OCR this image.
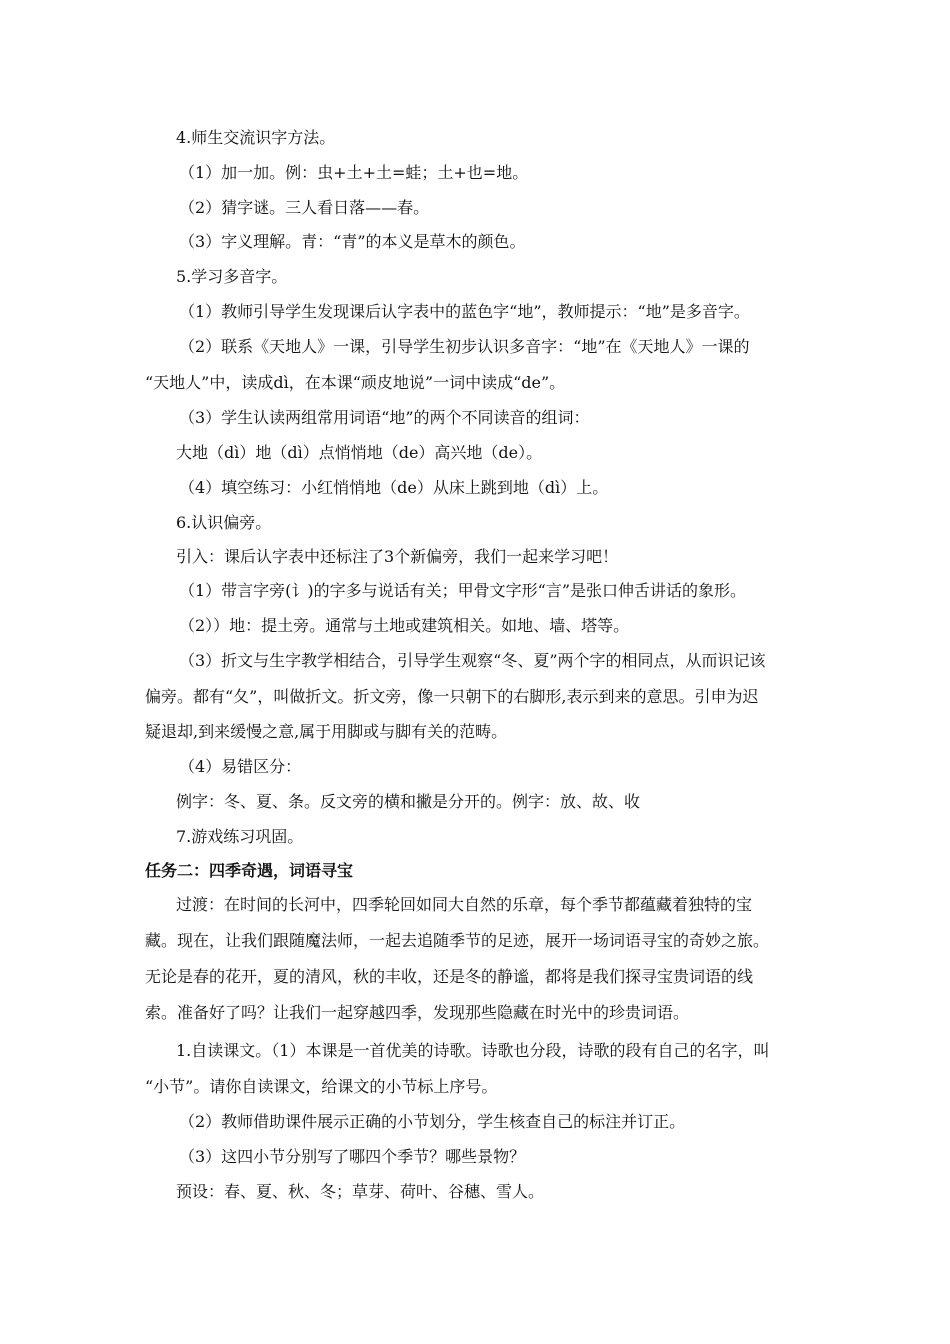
4.师生交流识字方法。
（1）加一加。例：虫+土+土=蛙；土+也=地。
（2）猜字谜。三人看日落——春。
（3）字义理解。青：“青”的本义是草木的颜色。
5.学习多音字。
（1）教师引导学生发现课后认字表中的蓝色字“地”，教师提示：“地”是多音字。
（2）联系《天地人》一课，引导学生初步认识多音字：“地”在《天地人》一课的
“天地人”中，读成dì，在本课“顽皮地说”一词中读成“de”。
（3）学生认读两组常用词语“地”的两个不同读音的组词：
大地（dì）地（dì）点悄悄地（de）高兴地（de）。
（4）填空练习：小红悄悄地（de）从床上跳到地（dì）上。
6.认识偏旁。
引入：课后认字表中还标注了3个新偏旁，我们一起来学习吧！
（1）带言字旁(讠)的字多与说话有关；甲骨文字形“言”是张口伸舌讲话的象形。
（2））地：提土旁。通常与土地或建筑相关。如地、墙、塔等。
（3）折文与生字教学相结合，引导学生观察“冬、夏”两个字的相同点，从而识记该
偏旁。都有“夂”，叫做折文。折文旁，像一只朝下的右脚形,表示到来的意思。引申为迟
疑退却,到来缓慢之意,属于用脚或与脚有关的范畴。
（4）易错区分：
例字：冬、夏、条。反文旁的横和撇是分开的。例字：放、故、收
7.游戏练习巩固。
任务二：四季奇遇，词语寻宝
过渡：在时间的长河中，四季轮回如同大自然的乐章，每个季节都蕴藏着独特的宝
藏。现在，让我们跟随魔法师，一起去追随季节的足迹，展开一场词语寻宝的奇妙之旅。
无论是春的花开，夏的清风，秋的丰收，还是冬的静谧，都将是我们探寻宝贵词语的线
索。准备好了吗？让我们一起穿越四季，发现那些隐藏在时光中的珍贵词语。
1.自读课文。（1）本课是一首优美的诗歌。诗歌也分段，诗歌的段有自己的名字，叫
“小节”。请你自读课文，给课文的小节标上序号。
（2）教师借助课件展示正确的小节划分，学生核查自己的标注并订正。
（3）这四小节分别写了哪四个季节？哪些景物？
预设：春、夏、秋、冬；草芽、荷叶、谷穗、雪人。
